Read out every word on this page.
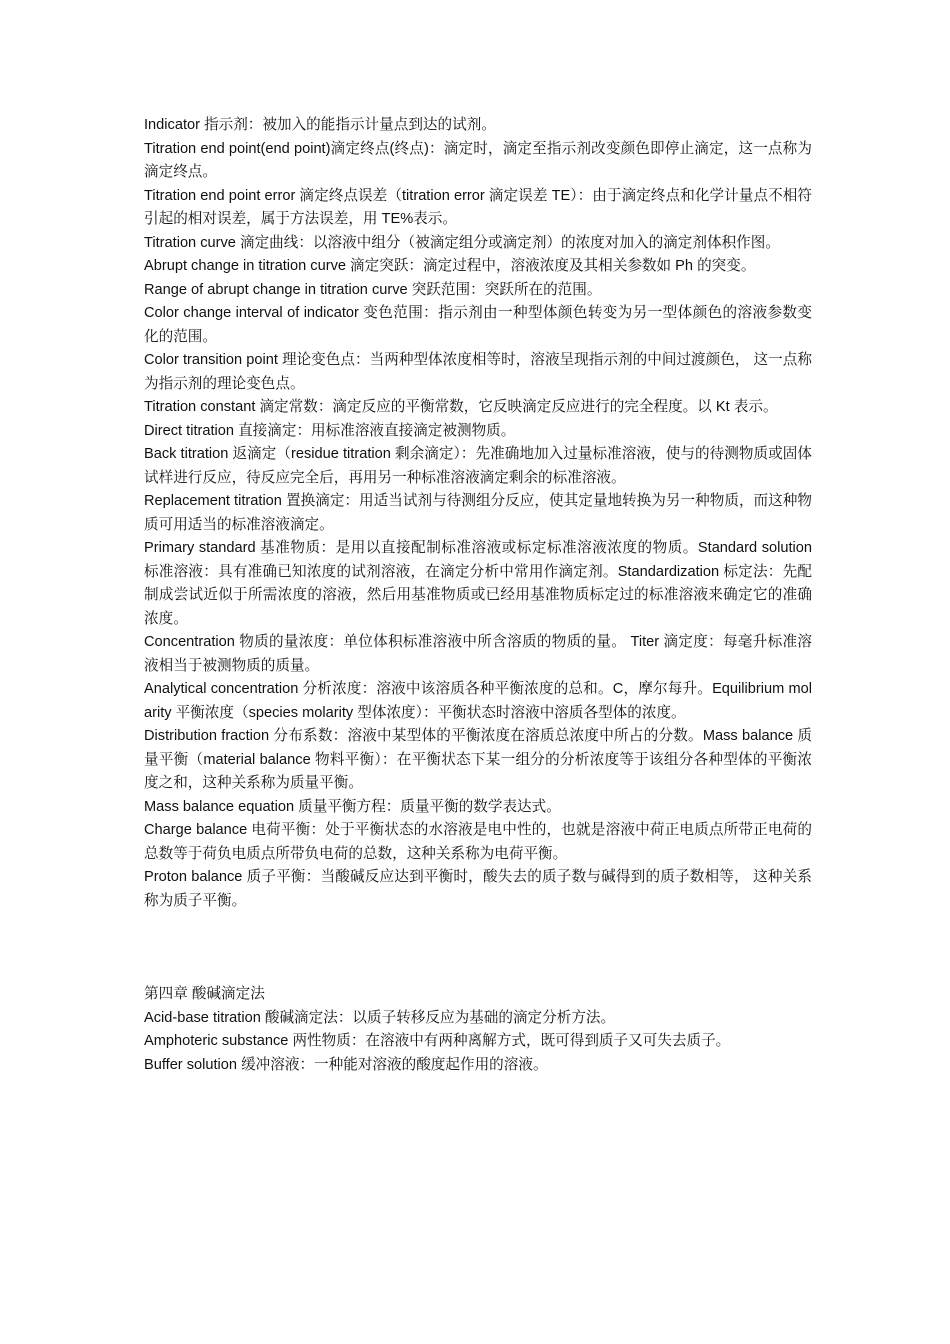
Indicator 指示剂：被加入的能指示计量点到达的试剂。

Titration end point(end point)滴定终点(终点)：滴定时，滴定至指示剂改变颜色即停止滴定，这一点称为滴定终点。

Titration end point error 滴定终点误差（titration error 滴定误差 TE）：由于滴定终点和化学计量点不相符引起的相对误差，属于方法误差，用 TE%表示。

Titration curve 滴定曲线：以溶液中组分（被滴定组分或滴定剂）的浓度对加入的滴定剂体积作图。

Abrupt change in titration curve 滴定突跃：滴定过程中，溶液浓度及其相关参数如 Ph 的突变。

Range of abrupt change in titration curve 突跃范围：突跃所在的范围。

Color change interval of indicator 变色范围：指示剂由一种型体颜色转变为另一型体颜色的溶液参数变化的范围。

Color transition point 理论变色点：当两种型体浓度相等时，溶液呈现指示剂的中间过渡颜色， 这一点称为指示剂的理论变色点。

Titration constant 滴定常数：滴定反应的平衡常数，它反映滴定反应进行的完全程度。以 Kt 表示。

Direct titration 直接滴定：用标准溶液直接滴定被测物质。

Back titration 返滴定（residue titration 剩余滴定）：先准确地加入过量标准溶液，使与的待测物质或固体试样进行反应，待反应完全后，再用另一种标准溶液滴定剩余的标准溶液。

Replacement titration 置换滴定：用适当试剂与待测组分反应，使其定量地转换为另一种物质，而这种物质可用适当的标准溶液滴定。

Primary standard 基准物质：是用以直接配制标准溶液或标定标准溶液浓度的物质。Standard solution 标准溶液：具有准确已知浓度的试剂溶液，在滴定分析中常用作滴定剂。Standardization 标定法：先配制成尝试近似于所需浓度的溶液，然后用基准物质或已经用基准物质标定过的标准溶液来确定它的准确浓度。

Concentration 物质的量浓度：单位体积标准溶液中所含溶质的物质的量。 Titer 滴定度：每毫升标准溶液相当于被测物质的质量。

Analytical concentration 分析浓度：溶液中该溶质各种平衡浓度的总和。C，摩尔每升。Equilibrium molarity 平衡浓度（species molarity 型体浓度）：平衡状态时溶液中溶质各型体的浓度。

Distribution fraction 分布系数：溶液中某型体的平衡浓度在溶质总浓度中所占的分数。Mass balance 质量平衡（material balance 物料平衡）：在平衡状态下某一组分的分析浓度等于该组分各种型体的平衡浓度之和，这种关系称为质量平衡。

Mass balance equation 质量平衡方程：质量平衡的数学表达式。

Charge balance 电荷平衡：处于平衡状态的水溶液是电中性的，也就是溶液中荷正电质点所带正电荷的总数等于荷负电质点所带负电荷的总数，这种关系称为电荷平衡。

Proton balance 质子平衡：当酸碱反应达到平衡时，酸失去的质子数与碱得到的质子数相等， 这种关系称为质子平衡。

第四章 酸碱滴定法

Acid-base titration 酸碱滴定法：以质子转移反应为基础的滴定分析方法。

Amphoteric substance 两性物质：在溶液中有两种离解方式，既可得到质子又可失去质子。

Buffer solution 缓冲溶液：一种能对溶液的酸度起作用的溶液。
